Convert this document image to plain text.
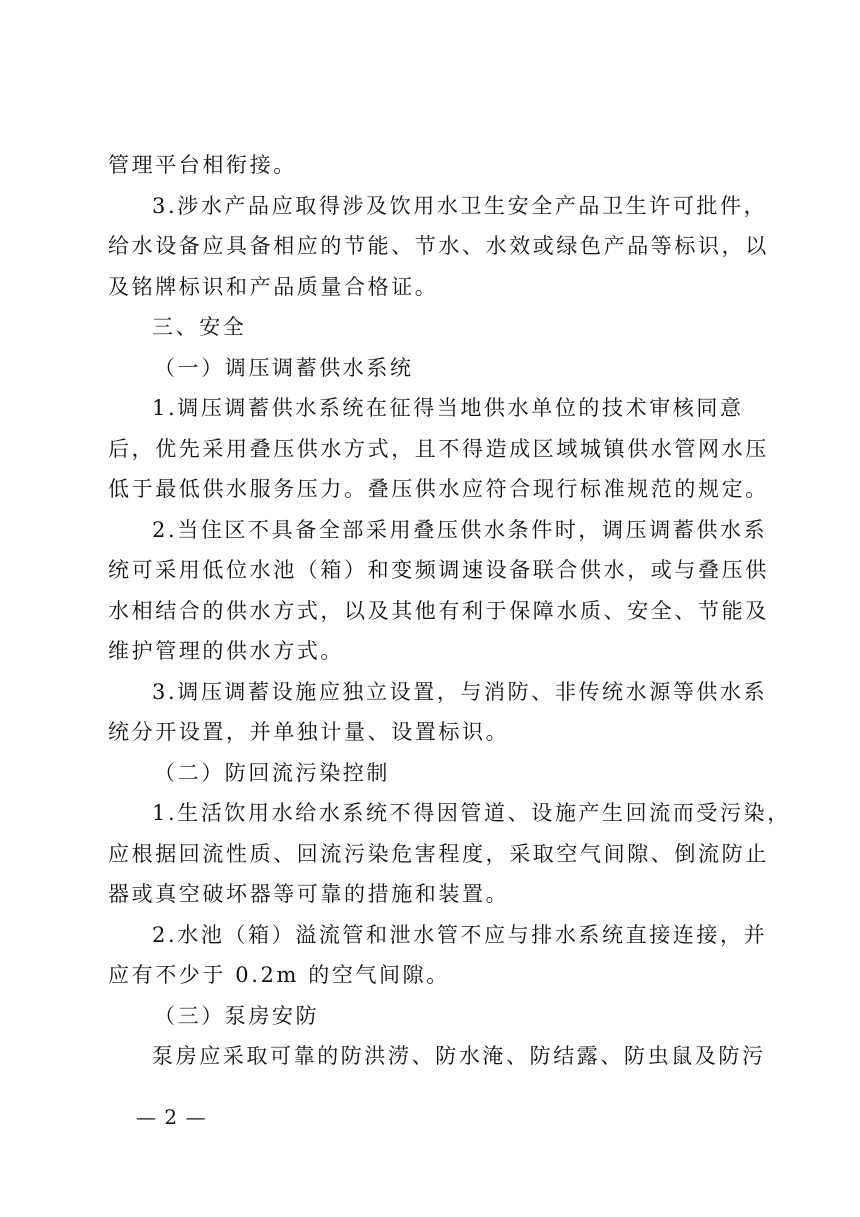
管理平台相衔接。
3.涉水产品应取得涉及饮用水卫生安全产品卫生许可批件，
给水设备应具备相应的节能、节水、水效或绿色产品等标识，以
及铭牌标识和产品质量合格证。
三、安全
（一）调压调蓄供水系统
1.调压调蓄供水系统在征得当地供水单位的技术审核同意
后，优先采用叠压供水方式，且不得造成区域城镇供水管网水压
低于最低供水服务压力。叠压供水应符合现行标准规范的规定。
2.当住区不具备全部采用叠压供水条件时，调压调蓄供水系
统可采用低位水池（箱）和变频调速设备联合供水，或与叠压供
水相结合的供水方式，以及其他有利于保障水质、安全、节能及
维护管理的供水方式。
3.调压调蓄设施应独立设置，与消防、非传统水源等供水系
统分开设置，并单独计量、设置标识。
（二）防回流污染控制
1.生活饮用水给水系统不得因管道、设施产生回流而受污染，
应根据回流性质、回流污染危害程度，采取空气间隙、倒流防止
器或真空破坏器等可靠的措施和装置。
2.水池（箱）溢流管和泄水管不应与排水系统直接连接，并
应有不少于 0.2m 的空气间隙。
（三）泵房安防
泵房应采取可靠的防洪涝、防水淹、防结露、防虫鼠及防污
— 2 —
